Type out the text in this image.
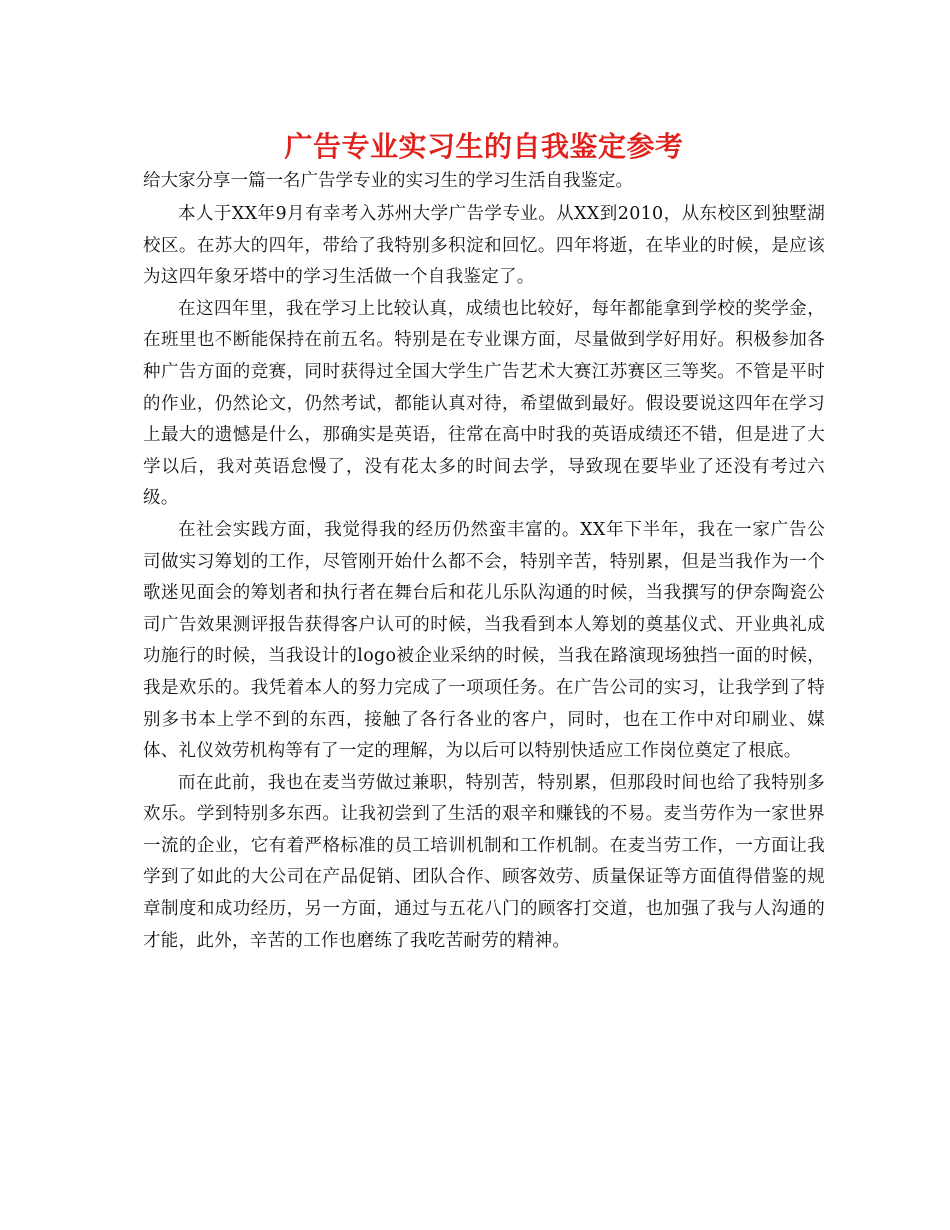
广告专业实习生的自我鉴定参考

给大家分享一篇一名广告学专业的实习生的学习生活自我鉴定。

本人于XX年9月有幸考入苏州大学广告学专业。从XX到2010，从东校区到独墅湖校区。在苏大的四年，带给了我特别多积淀和回忆。四年将逝，在毕业的时候，是应该为这四年象牙塔中的学习生活做一个自我鉴定了。

在这四年里，我在学习上比较认真，成绩也比较好，每年都能拿到学校的奖学金，在班里也不断能保持在前五名。特别是在专业课方面，尽量做到学好用好。积极参加各种广告方面的竞赛，同时获得过全国大学生广告艺术大赛江苏赛区三等奖。不管是平时的作业，仍然论文，仍然考试，都能认真对待，希望做到最好。假设要说这四年在学习上最大的遗憾是什么，那确实是英语，往常在高中时我的英语成绩还不错，但是进了大学以后，我对英语怠慢了，没有花太多的时间去学，导致现在要毕业了还没有考过六级。

在社会实践方面，我觉得我的经历仍然蛮丰富的。XX年下半年，我在一家广告公司做实习筹划的工作，尽管刚开始什么都不会，特别辛苦，特别累，但是当我作为一个歌迷见面会的筹划者和执行者在舞台后和花儿乐队沟通的时候，当我撰写的伊奈陶瓷公司广告效果测评报告获得客户认可的时候，当我看到本人筹划的奠基仪式、开业典礼成功施行的时候，当我设计的logo被企业采纳的时候，当我在路演现场独挡一面的时候，我是欢乐的。我凭着本人的努力完成了一项项任务。在广告公司的实习，让我学到了特别多书本上学不到的东西，接触了各行各业的客户，同时，也在工作中对印刷业、媒体、礼仪效劳机构等有了一定的理解，为以后可以特别快适应工作岗位奠定了根底。

而在此前，我也在麦当劳做过兼职，特别苦，特别累，但那段时间也给了我特别多欢乐。学到特别多东西。让我初尝到了生活的艰辛和赚钱的不易。麦当劳作为一家世界一流的企业，它有着严格标准的员工培训机制和工作机制。在麦当劳工作，一方面让我学到了如此的大公司在产品促销、团队合作、顾客效劳、质量保证等方面值得借鉴的规章制度和成功经历，另一方面，通过与五花八门的顾客打交道，也加强了我与人沟通的才能，此外，辛苦的工作也磨练了我吃苦耐劳的精神。
